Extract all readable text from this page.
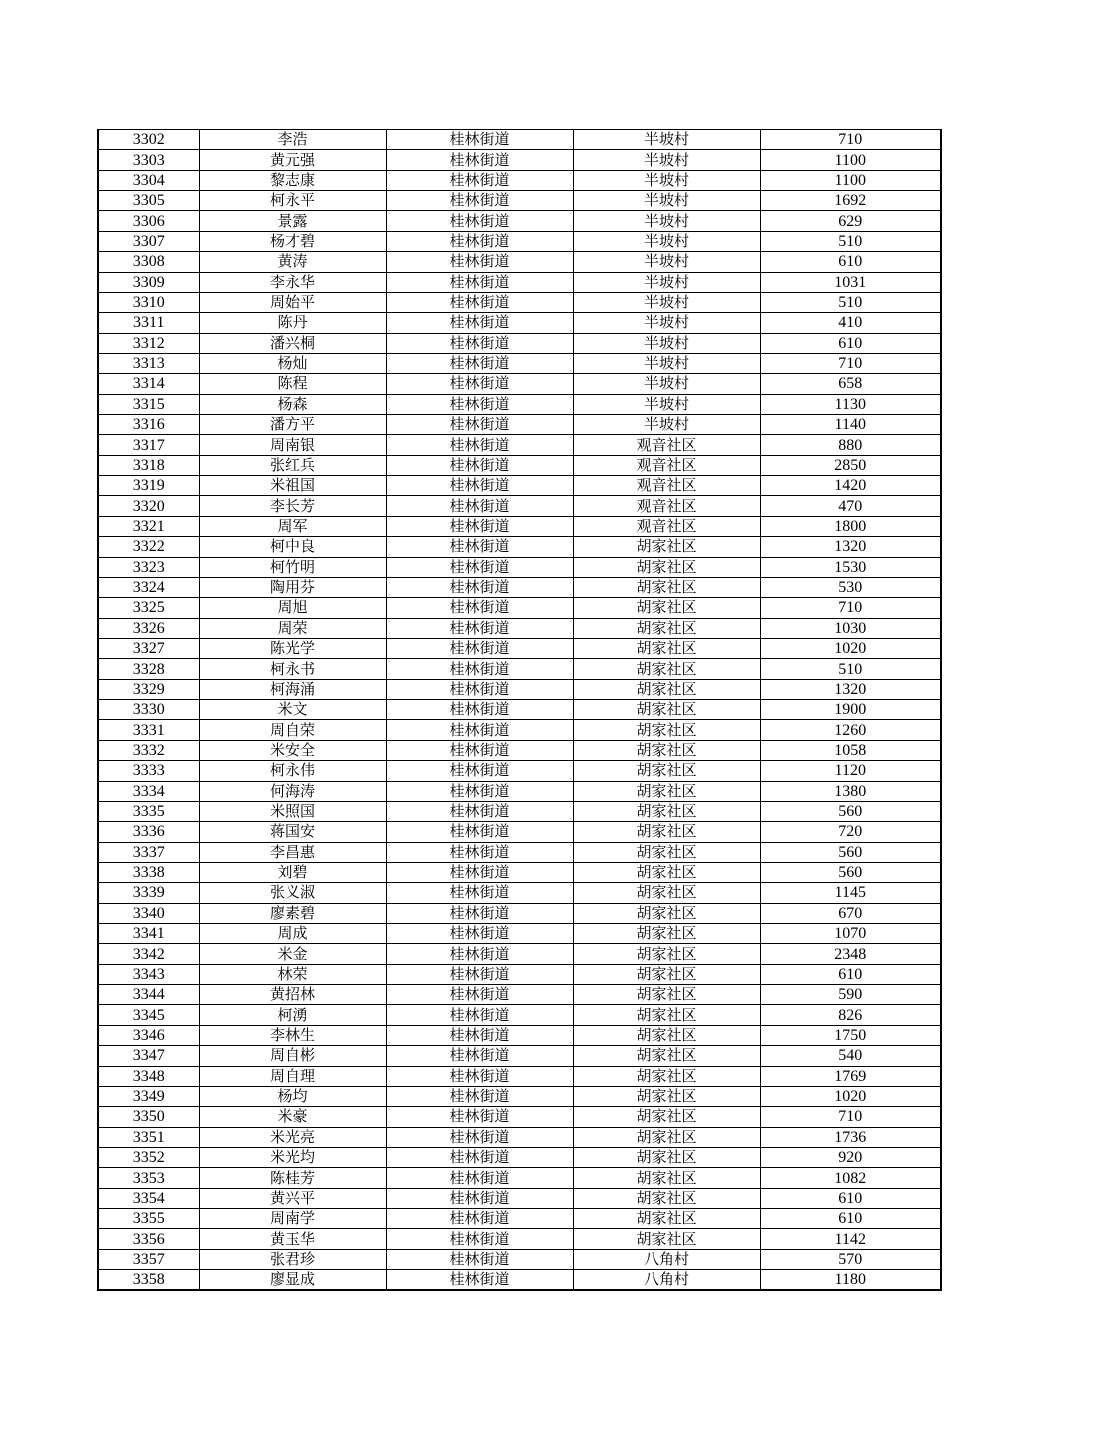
3302	李浩	桂林街道	半坡村	710
3303	黄元强	桂林街道	半坡村	1100
3304	黎志康	桂林街道	半坡村	1100
3305	柯永平	桂林街道	半坡村	1692
3306	景露	桂林街道	半坡村	629
3307	杨才碧	桂林街道	半坡村	510
3308	黄涛	桂林街道	半坡村	610
3309	李永华	桂林街道	半坡村	1031
3310	周始平	桂林街道	半坡村	510
3311	陈丹	桂林街道	半坡村	410
3312	潘兴桐	桂林街道	半坡村	610
3313	杨灿	桂林街道	半坡村	710
3314	陈程	桂林街道	半坡村	658
3315	杨森	桂林街道	半坡村	1130
3316	潘方平	桂林街道	半坡村	1140
3317	周南银	桂林街道	观音社区	880
3318	张红兵	桂林街道	观音社区	2850
3319	米祖国	桂林街道	观音社区	1420
3320	李长芳	桂林街道	观音社区	470
3321	周军	桂林街道	观音社区	1800
3322	柯中良	桂林街道	胡家社区	1320
3323	柯竹明	桂林街道	胡家社区	1530
3324	陶用芬	桂林街道	胡家社区	530
3325	周旭	桂林街道	胡家社区	710
3326	周荣	桂林街道	胡家社区	1030
3327	陈光学	桂林街道	胡家社区	1020
3328	柯永书	桂林街道	胡家社区	510
3329	柯海涌	桂林街道	胡家社区	1320
3330	米文	桂林街道	胡家社区	1900
3331	周自荣	桂林街道	胡家社区	1260
3332	米安全	桂林街道	胡家社区	1058
3333	柯永伟	桂林街道	胡家社区	1120
3334	何海涛	桂林街道	胡家社区	1380
3335	米照国	桂林街道	胡家社区	560
3336	蒋国安	桂林街道	胡家社区	720
3337	李昌惠	桂林街道	胡家社区	560
3338	刘碧	桂林街道	胡家社区	560
3339	张义淑	桂林街道	胡家社区	1145
3340	廖素碧	桂林街道	胡家社区	670
3341	周成	桂林街道	胡家社区	1070
3342	米金	桂林街道	胡家社区	2348
3343	林荣	桂林街道	胡家社区	610
3344	黄招林	桂林街道	胡家社区	590
3345	柯湧	桂林街道	胡家社区	826
3346	李林生	桂林街道	胡家社区	1750
3347	周自彬	桂林街道	胡家社区	540
3348	周自理	桂林街道	胡家社区	1769
3349	杨均	桂林街道	胡家社区	1020
3350	米豪	桂林街道	胡家社区	710
3351	米光亮	桂林街道	胡家社区	1736
3352	米光均	桂林街道	胡家社区	920
3353	陈桂芳	桂林街道	胡家社区	1082
3354	黄兴平	桂林街道	胡家社区	610
3355	周南学	桂林街道	胡家社区	610
3356	黄玉华	桂林街道	胡家社区	1142
3357	张君珍	桂林街道	八角村	570
3358	廖显成	桂林街道	八角村	1180
